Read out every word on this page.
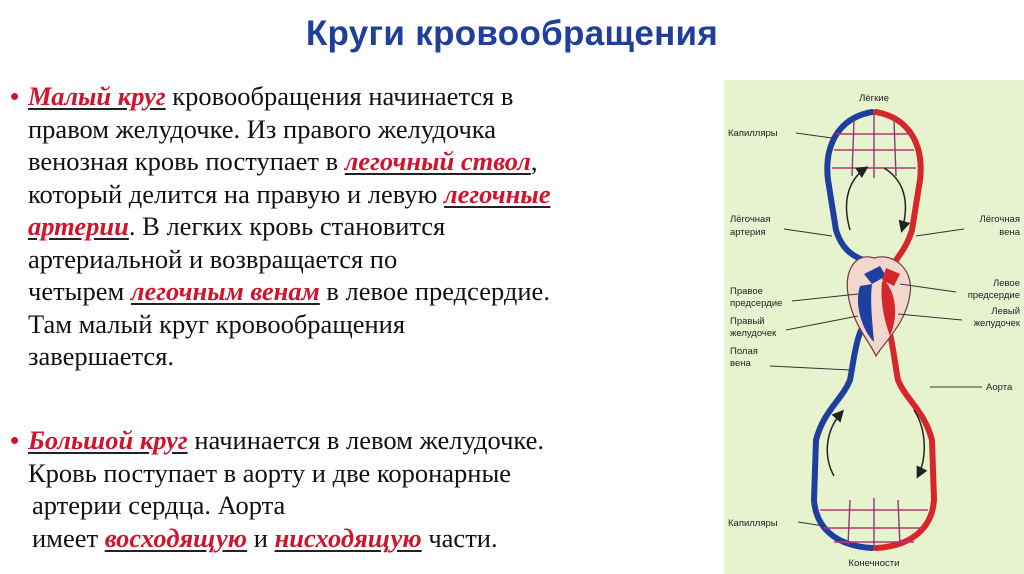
Круги кровообращения
• Малый круг кровообращения начинается в
правом желудочке. Из правого желудочка
венозная кровь поступает в легочный ствол,
который делится на правую и левую легочные
артерии. В легких кровь становится
артериальной и возвращается по
четырем легочным венам в левое предсердие.
Там малый круг кровообращения
завершается.
• Большой круг начинается в левом желудочке.
Кровь поступает в аорту и две коронарные
артерии сердца. Аорта
имеет восходящую и нисходящую части.
Лёгкие
Капилляры
Лёгочная
артерия
Лёгочная
вена
Правое
предсердие
Правый
желудочек
Полая
вена
Левое
предсердие
Левый
желудочек
Аорта
Капилляры
Конечности
